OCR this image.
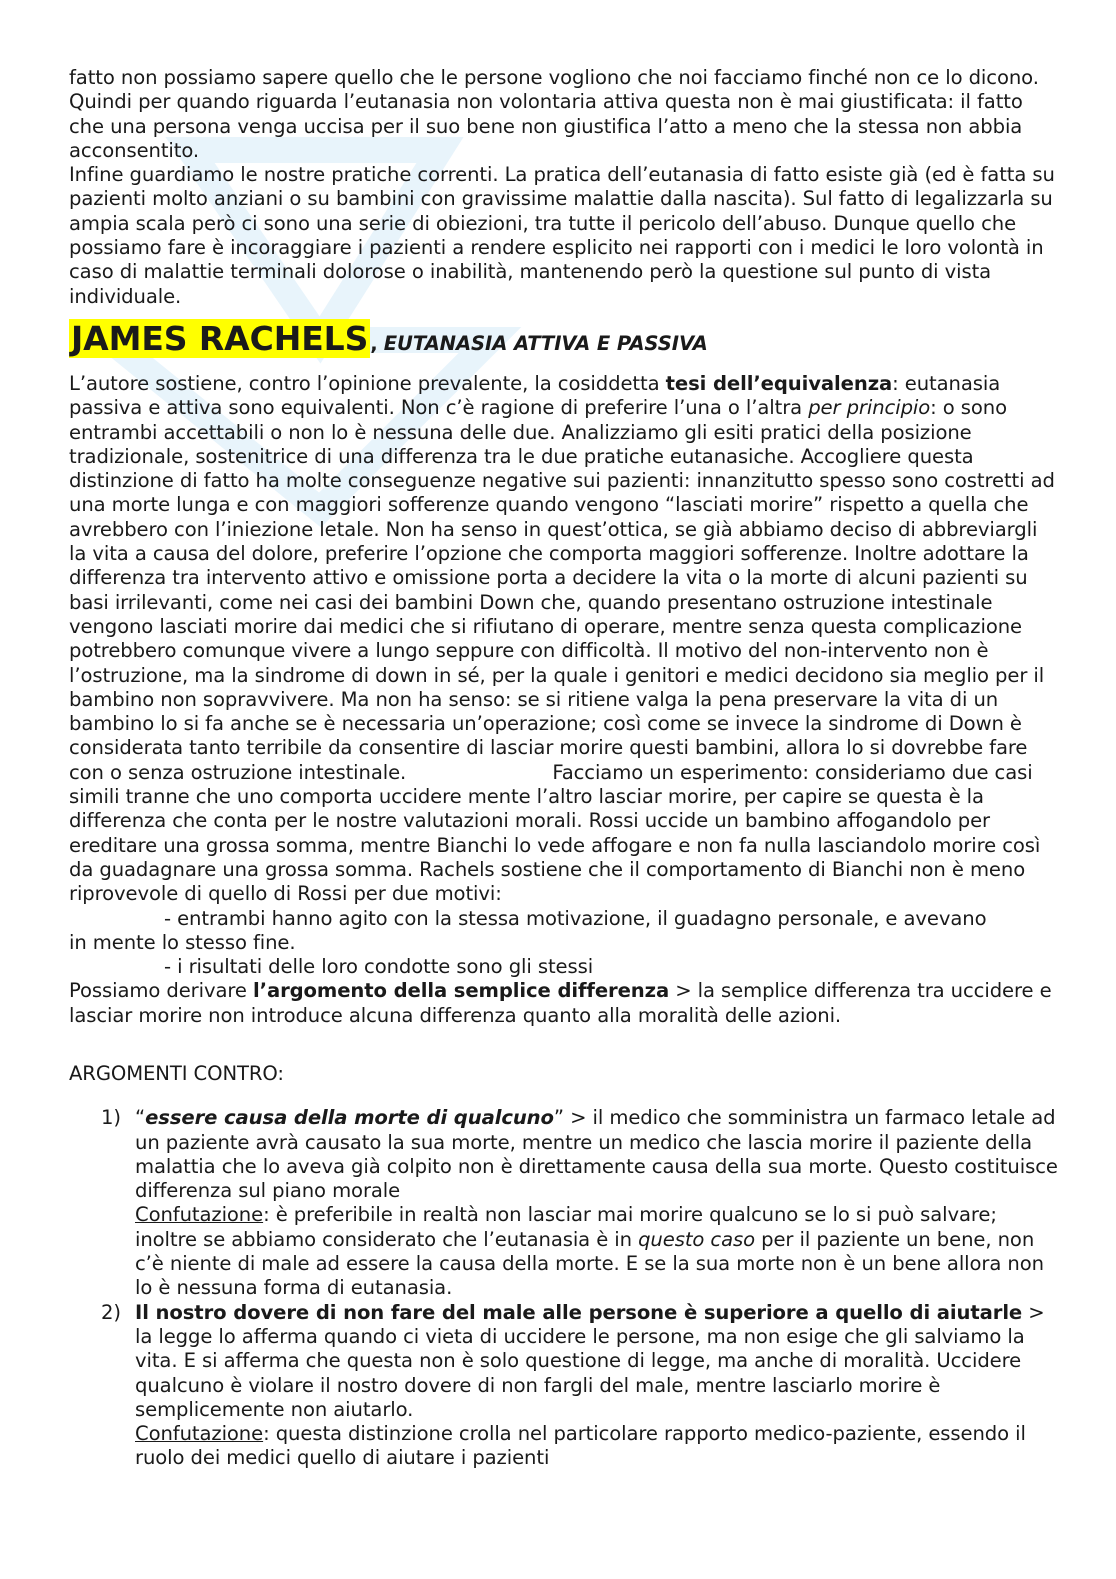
fatto non possiamo sapere quello che le persone vogliono che noi facciamo finché non ce lo dicono. Quindi per quando riguarda l’eutanasia non volontaria attiva questa non è mai giustificata: il fatto che una persona venga uccisa per il suo bene non giustifica l’atto a meno che la stessa non abbia acconsentito.

Infine guardiamo le nostre pratiche correnti. La pratica dell’eutanasia di fatto esiste già (ed è fatta su pazienti molto anziani o su bambini con gravissime malattie dalla nascita). Sul fatto di legalizzarla su ampia scala però ci sono una serie di obiezioni, tra tutte il pericolo dell’abuso. Dunque quello che possiamo fare è incoraggiare i pazienti a rendere esplicito nei rapporti con i medici le loro volontà in caso di malattie terminali dolorose o inabilità, mantenendo però la questione sul punto di vista individuale.

JAMES RACHELS , EUTANASIA ATTIVA E PASSIVA

L’autore sostiene, contro l’opinione prevalente, la cosiddetta tesi dell’equivalenza: eutanasia passiva e attiva sono equivalenti. Non c’è ragione di preferire l’una o l’altra per principio: o sono entrambi accettabili o non lo è nessuna delle due. Analizziamo gli esiti pratici della posizione tradizionale, sostenitrice di una differenza tra le due pratiche eutanasiche. Accogliere questa distinzione di fatto ha molte conseguenze negative sui pazienti: innanzitutto spesso sono costretti ad una morte lunga e con maggiori sofferenze quando vengono “lasciati morire” rispetto a quella che avrebbero con l’iniezione letale. Non ha senso in quest’ottica, se già abbiamo deciso di abbreviargli la vita a causa del dolore, preferire l’opzione che comporta maggiori sofferenze. Inoltre adottare la differenza tra intervento attivo e omissione porta a decidere la vita o la morte di alcuni pazienti su basi irrilevanti, come nei casi dei bambini Down che, quando presentano ostruzione intestinale vengono lasciati morire dai medici che si rifiutano di operare, mentre senza questa complicazione potrebbero comunque vivere a lungo seppure con difficoltà. Il motivo del non-intervento non è l’ostruzione, ma la sindrome di down in sé, per la quale i genitori e medici decidono sia meglio per il bambino non sopravvivere. Ma non ha senso: se si ritiene valga la pena preservare la vita di un bambino lo si fa anche se è necessaria un’operazione; così come se invece la sindrome di Down è considerata tanto terribile da consentire di lasciar morire questi bambini, allora lo si dovrebbe fare con o senza ostruzione intestinale.	Facciamo un esperimento: consideriamo due casi simili tranne che uno comporta uccidere mente l’altro lasciar morire, per capire se questa è la differenza che conta per le nostre valutazioni morali. Rossi uccide un bambino affogandolo per ereditare una grossa somma, mentre Bianchi lo vede affogare e non fa nulla lasciandolo morire così da guadagnare una grossa somma. Rachels sostiene che il comportamento di Bianchi non è meno riprovevole di quello di Rossi per due motivi:

- entrambi hanno agito con la stessa motivazione, il guadagno personale, e avevano

in mente lo stesso fine.

- i risultati delle loro condotte sono gli stessi

Possiamo derivare l’argomento della semplice differenza > la semplice differenza tra uccidere e lasciar morire non introduce alcuna differenza quanto alla moralità delle azioni.

ARGOMENTI CONTRO:

1) “essere causa della morte di qualcuno” > il medico che somministra un farmaco letale ad un paziente avrà causato la sua morte, mentre un medico che lascia morire il paziente della malattia che lo aveva già colpito non è direttamente causa della sua morte. Questo costituisce differenza sul piano morale
Confutazione: è preferibile in realtà non lasciar mai morire qualcuno se lo si può salvare; inoltre se abbiamo considerato che l’eutanasia è in questo caso per il paziente un bene, non c’è niente di male ad essere la causa della morte. E se la sua morte non è un bene allora non lo è nessuna forma di eutanasia.
2) Il nostro dovere di non fare del male alle persone è superiore a quello di aiutarle > la legge lo afferma quando ci vieta di uccidere le persone, ma non esige che gli salviamo la vita. E si afferma che questa non è solo questione di legge, ma anche di moralità. Uccidere qualcuno è violare il nostro dovere di non fargli del male, mentre lasciarlo morire è semplicemente non aiutarlo.
Confutazione: questa distinzione crolla nel particolare rapporto medico-paziente, essendo il ruolo dei medici quello di aiutare i pazienti
